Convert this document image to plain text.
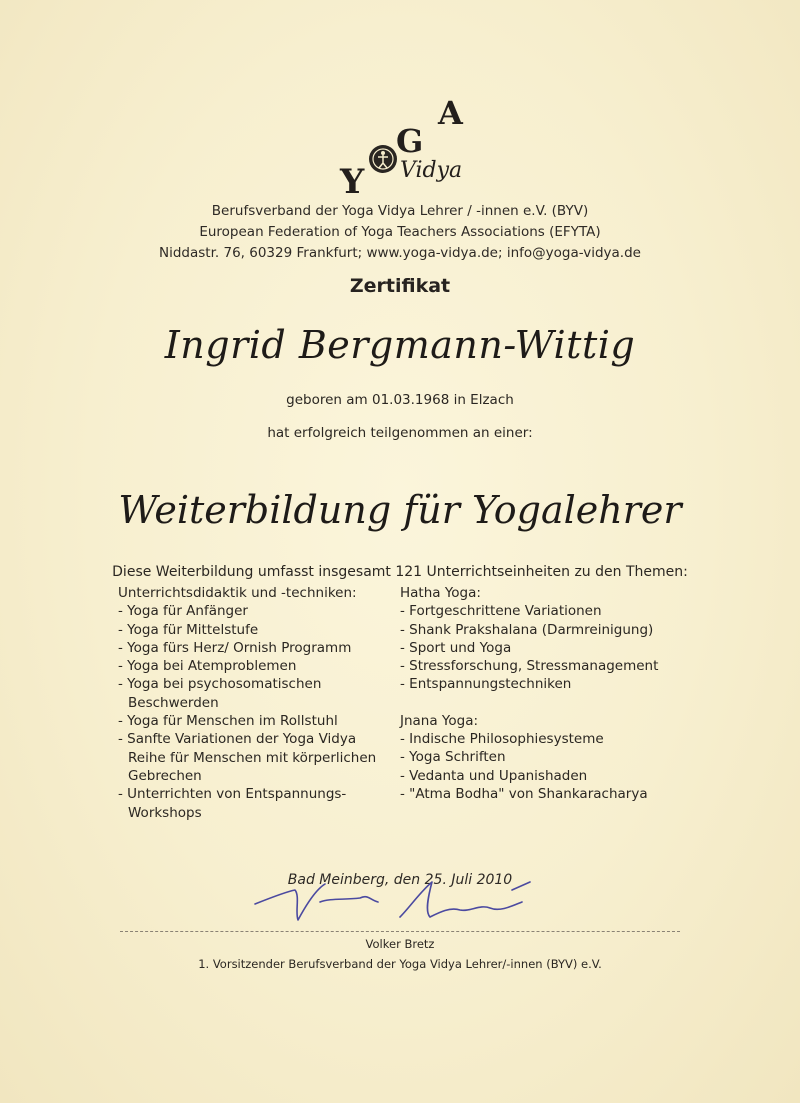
A
G
Y Vidya
Berufsverband der Yoga Vidya Lehrer / -innen e.V. (BYV)
European Federation of Yoga Teachers Associations (EFYTA)
Niddastr. 76, 60329 Frankfurt; www.yoga-vidya.de; info@yoga-vidya.de
Zertifikat
Ingrid Bergmann-Wittig
geboren am 01.03.1968 in Elzach
hat erfolgreich teilgenommen an einer:
Weiterbildung für Yogalehrer
Diese Weiterbildung umfasst insgesamt 121 Unterrichtseinheiten zu den Themen:
Unterrichtsdidaktik und -techniken:
- Yoga für Anfänger
- Yoga für Mittelstufe
- Yoga fürs Herz/ Ornish Programm
- Yoga bei Atemproblemen
- Yoga bei psychosomatischen Beschwerden
- Yoga für Menschen im Rollstuhl
- Sanfte Variationen der Yoga Vidya Reihe für Menschen mit körperlichen Gebrechen
- Unterrichten von Entspannungs-Workshops
Hatha Yoga:
- Fortgeschrittene Variationen
- Shank Prakshalana (Darmreinigung)
- Sport und Yoga
- Stressforschung, Stressmanagement
- Entspannungstechniken
Jnana Yoga:
- Indische Philosophiesysteme
- Yoga Schriften
- Vedanta und Upanishaden
- "Atma Bodha" von Shankaracharya
Bad Meinberg, den 25. Juli 2010
Volker Bretz
1. Vorsitzender Berufsverband der Yoga Vidya Lehrer/-innen (BYV) e.V.
